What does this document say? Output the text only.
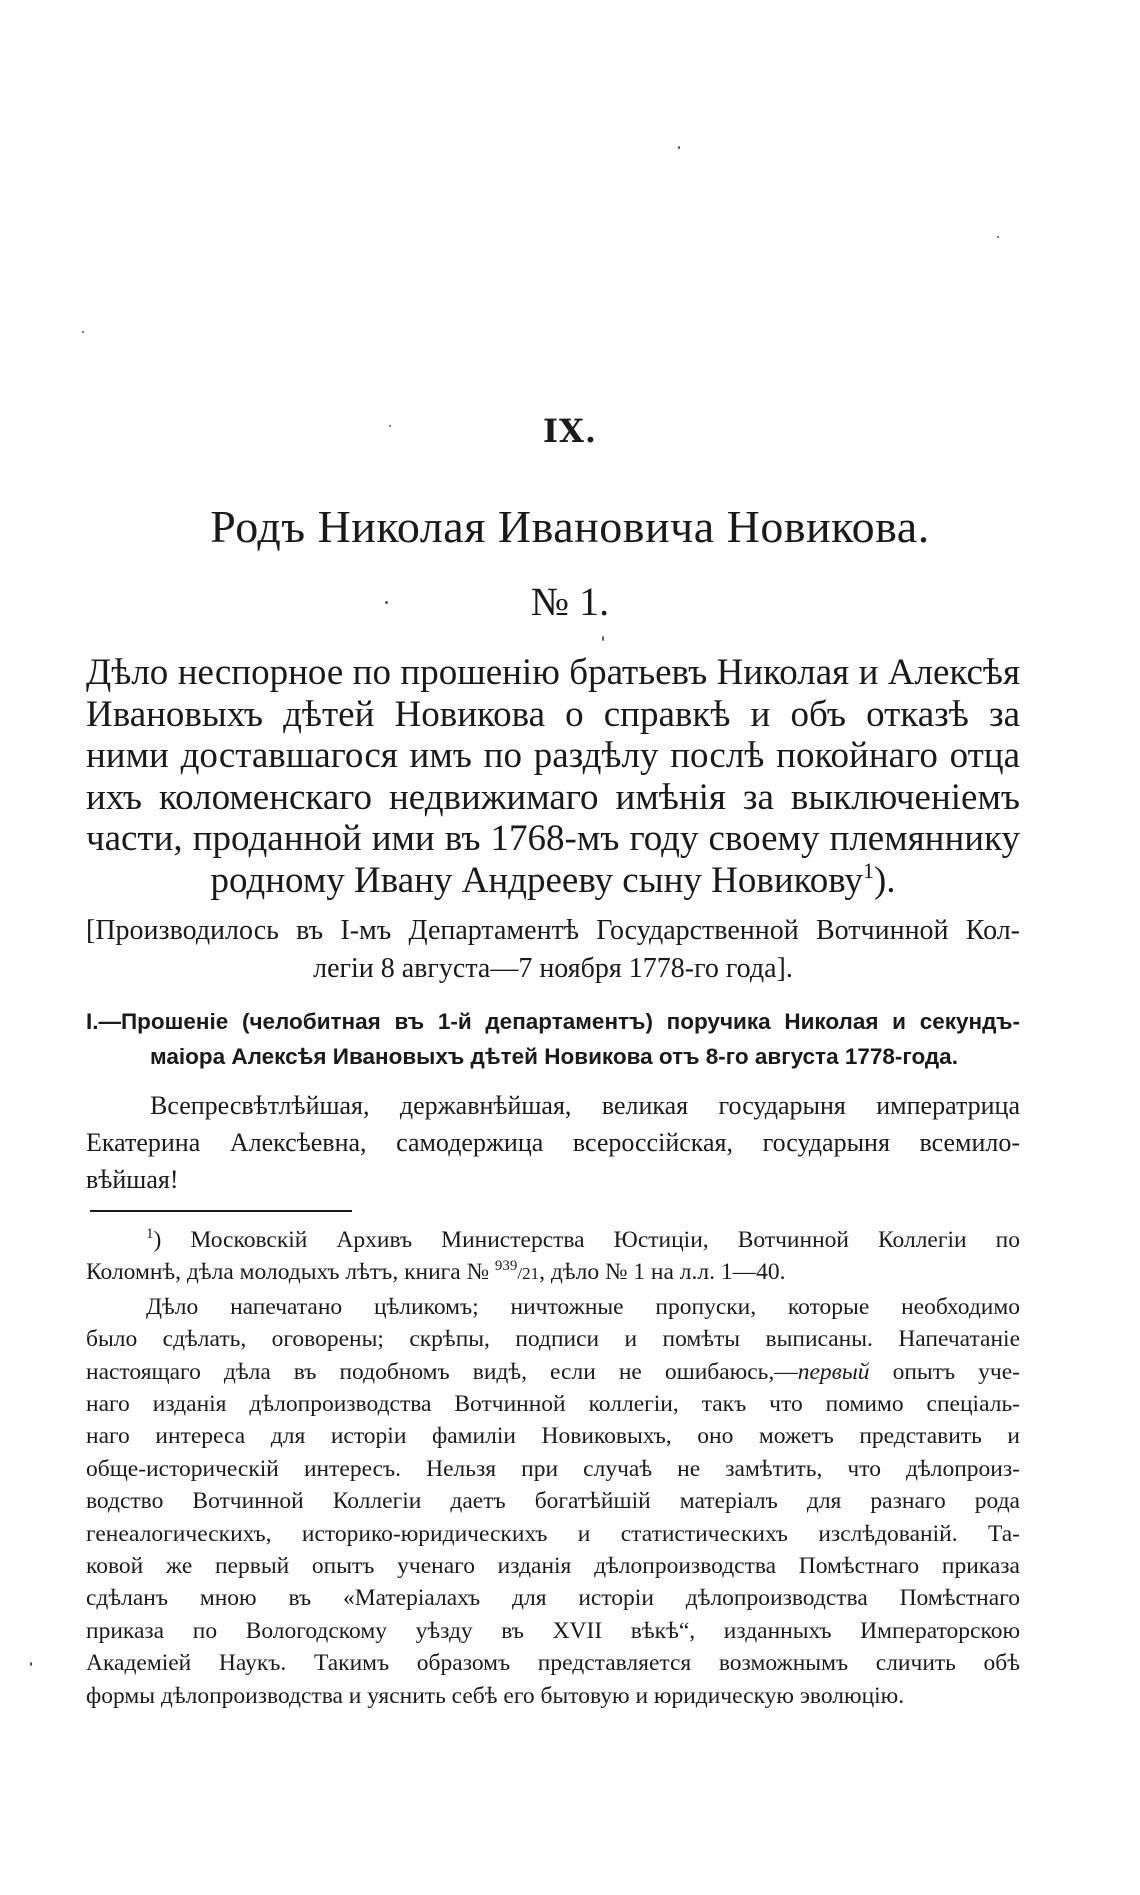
IX.
Родъ Николая Ивановича Новикова.
№ 1.
Дѣло неспорное по прошенiю братьевъ Николая и Алексѣя
Ивановыхъ дѣтей Новикова о справкѣ и объ отказѣ за
ними доставшагося имъ по раздѣлу послѣ покойнаго отца
ихъ коломенскаго недвижимаго имѣнiя за выключенiемъ
части, проданной ими въ 1768-мъ году своему племяннику
родному Ивану Андрееву сыну Новикову$^1$).
[Производилось въ I-мъ Департаментѣ Государственной Вотчинной Кол-
легiи 8 августа—7 ноября 1778-го года].
I.—Прошенiе (челобитная въ 1-й департаментъ) поручика Николая и секундъ-
маiора Алексѣя Ивановыхъ дѣтей Новикова отъ 8-го августа 1778-года.
Всепресвѣтлѣйшая, державнѣйшая, великая государыня императрица
Екатерина Алексѣевна, самодержица всероссiйская, государыня всемило-
вѣйшая!
$^1$) Московскiй Архивъ Министерства Юстицiи, Вотчинной Коллегiи по
Коломнѣ, дѣла молодыхъ лѣтъ, книга № $^{939}$/21, дѣло № 1 на л.л. 1—40.
Дѣло напечатано цѣликомъ; ничтожные пропуски, которые необходимо
было сдѣлать, оговорены; скрѣпы, подписи и помѣты выписаны. Напечатанiе
настоящаго дѣла въ подобномъ видѣ, если не ошибаюсь,—первый опытъ уче-
наго изданiя дѣлопроизводства Вотчинной коллегiи, такъ что помимо спецiаль-
наго интереса для исторiи фамилiи Новиковыхъ, оно можетъ представить и
обще-историческiй интересъ. Нельзя при случаѣ не замѣтить, что дѣлопроиз-
водство Вотчинной Коллегiи даетъ богатѣйшiй матерiалъ для разнаго рода
генеалогическихъ, историко-юридическихъ и статистическихъ изслѣдованiй. Та-
ковой же первый опытъ ученаго изданiя дѣлопроизводства Помѣстнаго приказа
сдѣланъ мною въ «Матерiалахъ для исторiи дѣлопроизводства Помѣстнаго
приказа по Вологодскому уѣзду въ XVII вѣкѣ“, изданныхъ Императорскою
Академiей Наукъ. Такимъ образомъ представляется возможнымъ сличить обѣ
формы дѣлопроизводства и уяснить себѣ его бытовую и юридическую эволюцiю.
